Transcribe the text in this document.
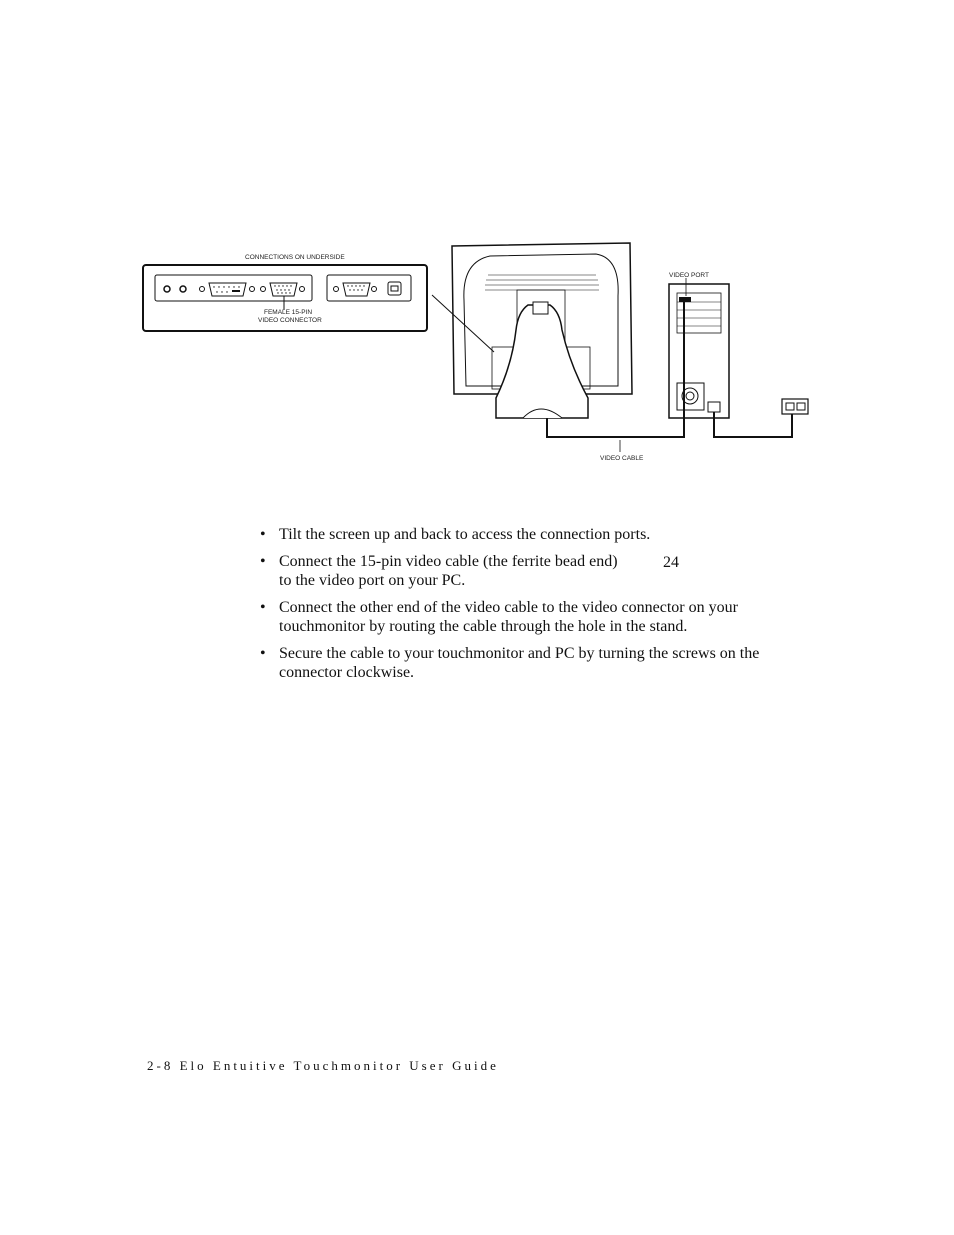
CONNECTIONS ON UNDERSIDE
FEMALE 15-PIN
VIDEO CONNECTOR
VIDEO PORT
VIDEO CABLE
• Tilt the screen up and back to access the connection ports.
• Connect the 15-pin video cable (the ferrite bead end)
to the video port on your PC.
• Connect the other end of the video cable to the video connector on your
touchmonitor by routing the cable through the hole in the stand.
• Secure the cable to your touchmonitor and PC by turning the screws on the
connector clockwise.
24
2-8 Elo Entuitive Touchmonitor User Guide
